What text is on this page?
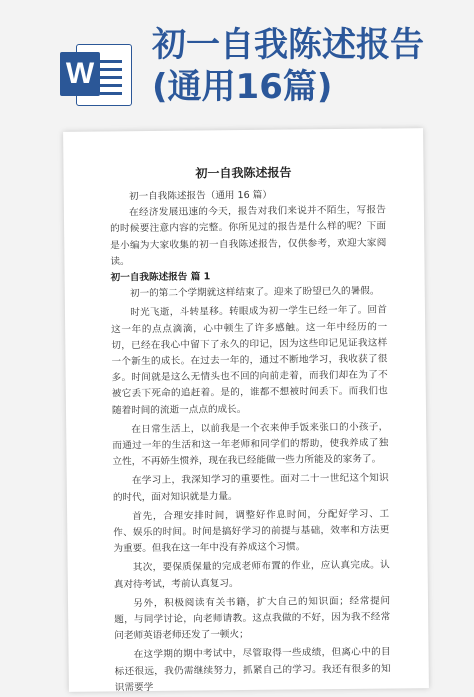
W
初一自我陈述报告
(通用16篇)
初一自我陈述报告

初一自我陈述报告（通用 16 篇）

在经济发展迅速的今天，报告对我们来说并不陌生，写报告的时候要注意内容的完整。你所见过的报告是什么样的呢？下面是小编为大家收集的初一自我陈述报告，仅供参考，欢迎大家阅读。

初一自我陈述报告 篇 1

初一的第二个学期就这样结束了。迎来了盼望已久的暑假。

时光飞逝，斗转星移。转眼成为初一学生已经一年了。回首这一年的点点滴滴，心中顿生了许多感触。这一年中经历的一切，已经在我心中留下了永久的印记，因为这些印记见证我这样一个新生的成长。在过去一年的，通过不断地学习，我收获了很多。时间就是这么无情头也不回的向前走着，而我们却在为了不被它丢下死命的追赶着。是的，谁都不想被时间丢下。而我们也随着时间的流逝一点点的成长。

在日常生活上，以前我是一个衣来伸手饭来张口的小孩子，而通过一年的生活和这一年老师和同学们的帮助，使我养成了独立性，不再娇生惯养，现在我已经能做一些力所能及的家务了。

在学习上，我深知学习的重要性。面对二十一世纪这个知识的时代，面对知识就是力量。

首先，合理安排时间，调整好作息时间，分配好学习、工作、娱乐的时间。时间是搞好学习的前提与基础，效率和方法更为重要。但我在这一年中没有养成这个习惯。

其次，要保质保量的完成老师布置的作业，应认真完成。认真对待考试，考前认真复习。

另外，积极阅读有关书籍，扩大自己的知识面；经常提问题，与同学讨论，向老师请教。这点我做的不好，因为我不经常问老师英语老师还发了一顿火；

在这学期的期中考试中，尽管取得一些成绩，但离心中的目标还很远，我仍需继续努力，抓紧自己的学习。我还有很多的知识需要学
